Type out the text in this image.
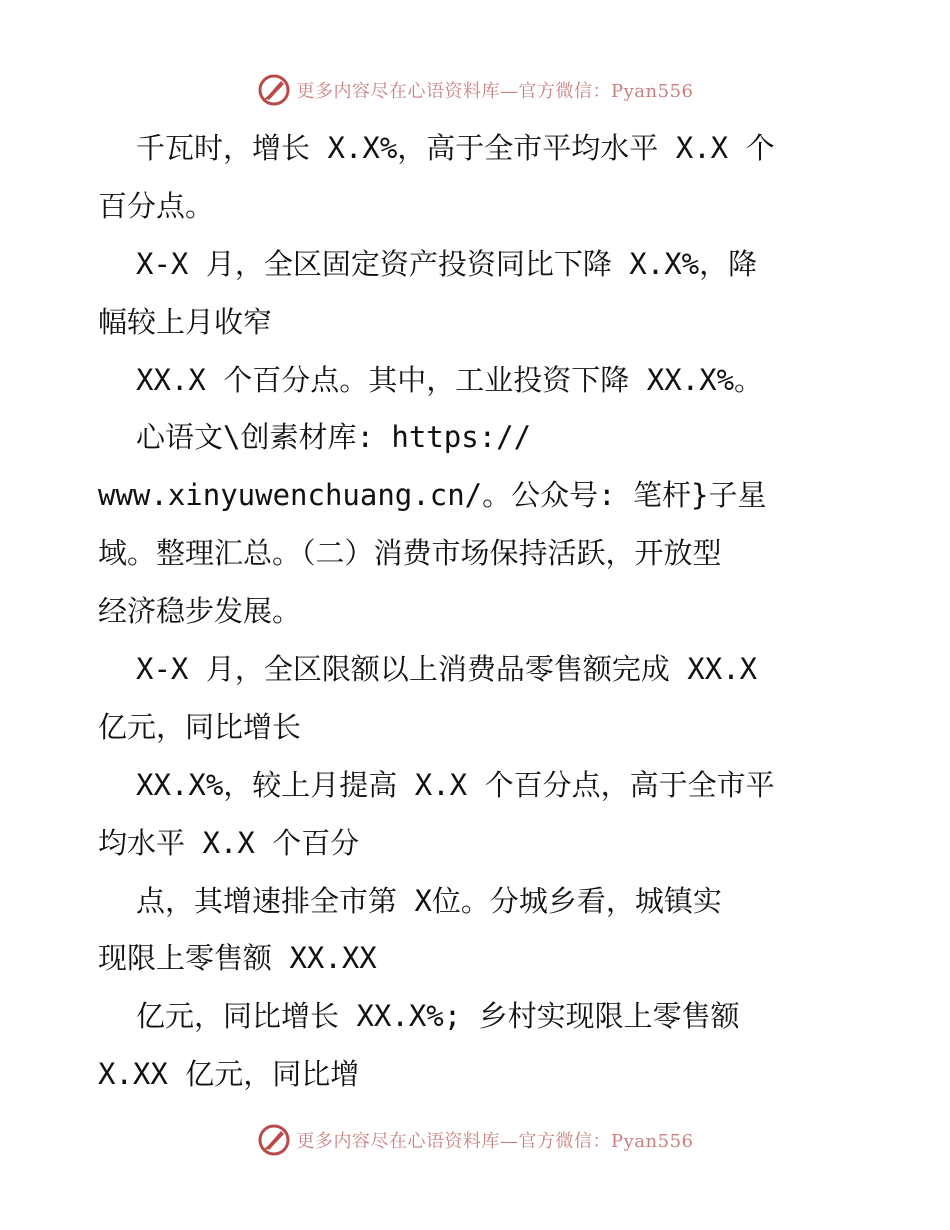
更多内容尽在心语资料库—官方微信：Pyan556
千瓦时，增长 X.X%，高于全市平均水平 X.X 个
百分点。
X-X 月，全区固定资产投资同比下降 X.X%，降
幅较上月收窄
XX.X 个百分点。其中，工业投资下降 XX.X%。
心语文\创素材库: https://
www.xinyuwenchuang.cn/。公众号: 笔杆}子星
域。整理汇总。（二）消费市场保持活跃，开放型
经济稳步发展。
X-X 月，全区限额以上消费品零售额完成 XX.X
亿元，同比增长
XX.X%，较上月提高 X.X 个百分点，高于全市平
均水平 X.X 个百分
点，其增速排全市第 X位。分城乡看，城镇实
现限上零售额 XX.XX
亿元，同比增长 XX.X%; 乡村实现限上零售额
X.XX 亿元，同比增
更多内容尽在心语资料库—官方微信：Pyan556
